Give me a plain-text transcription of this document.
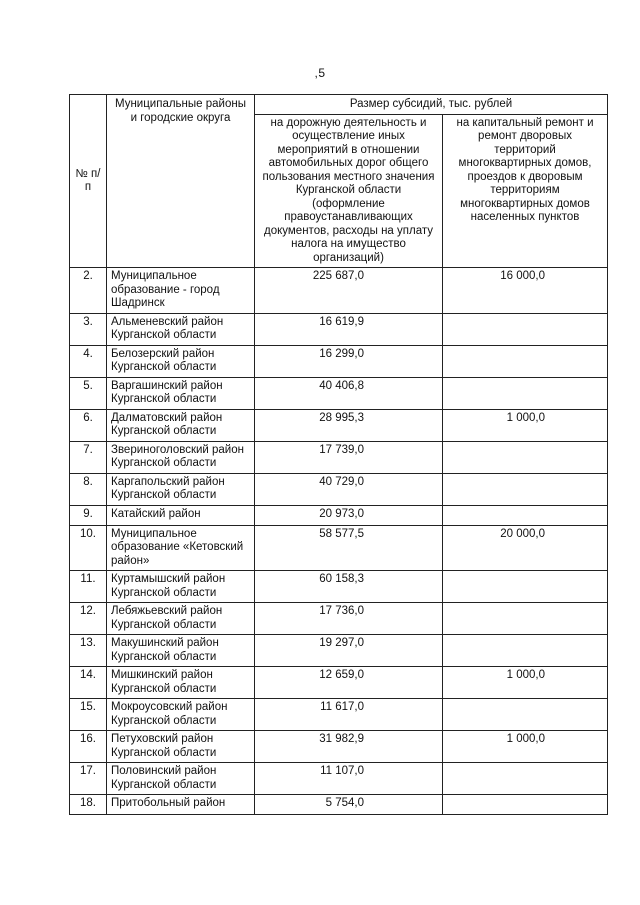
,5
№ п/п	Муниципальные районы и городские округа	Размер субсидий, тыс. рублей	
		на дорожную деятельность и осуществление иных мероприятий в отношении автомобильных дорог общего пользования местного значения Курганской области (оформление правоустанавливающих документов, расходы на уплату налога на имущество организаций)	на капитальный ремонт и ремонт дворовых территорий многоквартирных домов, проездов к дворовым территориям многоквартирных домов населенных пунктов
2.	Муниципальное образование - город Шадринск	225 687,0	16 000,0
3.	Альменевский район Курганской области	16 619,9	
4.	Белозерский район Курганской области	16 299,0	
5.	Варгашинский район Курганской области	40 406,8	
6.	Далматовский район Курганской области	28 995,3	1 000,0
7.	Звериноголовский район Курганской области	17 739,0	
8.	Каргапольский район Курганской области	40 729,0	
9.	Катайский район	20 973,0	
10.	Муниципальное образование «Кетовский район»	58 577,5	20 000,0
11.	Куртамышский район Курганской области	60 158,3	
12.	Лебяжьевский район Курганской области	17 736,0	
13.	Макушинский район Курганской области	19 297,0	
14.	Мишкинский район Курганской области	12 659,0	1 000,0
15.	Мокроусовский район Курганской области	11 617,0	
16.	Петуховский район Курганской области	31 982,9	1 000,0
17.	Половинский район Курганской области	11 107,0	
18.	Притобольный район	5 754,0	
